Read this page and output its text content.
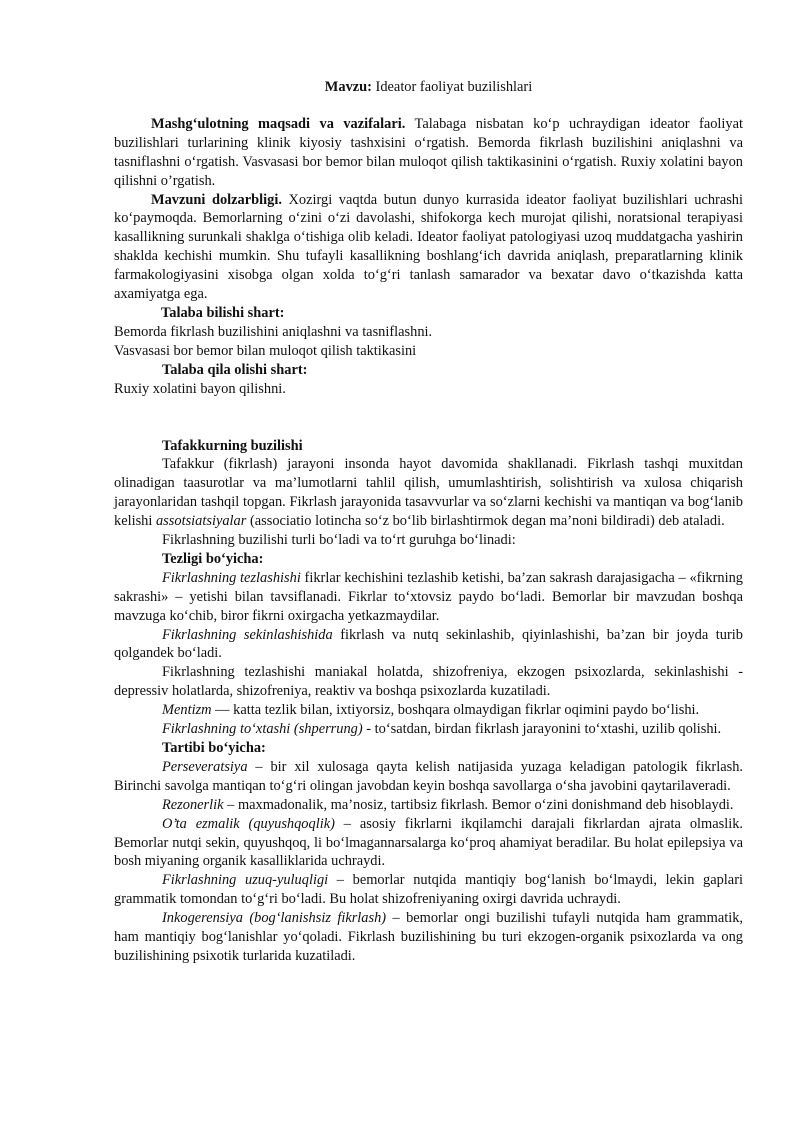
Mavzu: Ideator faoliyat buzilishlari

Mashg‘ulotning maqsadi va vazifalari. Talabaga nisbatan ko‘p uchraydigan ideator faoliyat buzilishlari turlarining klinik kiyosiy tashxisini o‘rgatish. Bemorda fikrlash buzilishini aniqlashni va tasniflashni o‘rgatish. Vasvasasi bor bemor bilan muloqot qilish taktikasinini o‘rgatish. Ruxiy xolatini bayon qilishni o’rgatish.

Mavzuni dolzarbligi. Xozirgi vaqtda butun dunyo kurrasida ideator faoliyat buzilishlari uchrashi ko‘paymoqda. Bemorlarning o‘zini o‘zi davolashi, shifokorga kech murojat qilishi, noratsional terapiyasi kasallikning surunkali shaklga o‘tishiga olib keladi. Ideator faoliyat patologiyasi uzoq muddatgacha yashirin shaklda kechishi mumkin. Shu tufayli kasallikning boshlang‘ich davrida aniqlash, preparatlarning klinik farmakologiyasini xisobga olgan xolda to‘g‘ri tanlash samarador va bexatar davo o‘tkazishda katta axamiyatga ega.

Talaba bilishi shart:

Bemorda fikrlash buzilishini aniqlashni va tasniflashni.

Vasvasasi bor bemor bilan muloqot qilish taktikasini

Talaba qila olishi shart:

Ruxiy xolatini bayon qilishni.

Tafakkurning buzilishi

Tafakkur (fikrlash) jarayoni insonda hayot davomida shakllanadi. Fikrlash tashqi muxitdan olinadigan taasurotlar va ma’lumotlarni tahlil qilish, umumlashtirish, solishtirish va xulosa chiqarish jarayonlaridan tashqil topgan. Fikrlash jarayonida tasavvurlar va so‘zlarni kechishi va mantiqan va bog‘lanib kelishi assotsiatsiyalar (associatio lotincha so‘z bo‘lib birlashtirmok degan ma’noni bildiradi) deb ataladi.

Fikrlashning buzilishi turli bo‘ladi va to‘rt guruhga bo‘linadi:

Tezligi bo‘yicha:

Fikrlashning tezlashishi fikrlar kechishini tezlashib ketishi, ba’zan sakrash darajasigacha – «fikrning sakrashi» – yetishi bilan tavsiflanadi. Fikrlar to‘xtovsiz paydo bo‘ladi. Bemorlar bir mavzudan boshqa mavzuga ko‘chib, biror fikrni oxirgacha yetkazmaydilar.

Fikrlashning sekinlashishida fikrlash va nutq sekinlashib, qiyinlashishi, ba’zan bir joyda turib qolgandek bo‘ladi.

Fikrlashning tezlashishi maniakal holatda, shizofreniya, ekzogen psixozlarda, sekinlashishi - depressiv holatlarda, shizofreniya, reaktiv va boshqa psixozlarda kuzatiladi.

Mentizm — katta tezlik bilan, ixtiyorsiz, boshqara olmaydigan fikrlar oqimini paydo bo‘lishi.

Fikrlashning to‘xtashi (shperrung) - to‘satdan, birdan fikrlash jarayonini to‘xtashi, uzilib qolishi.

Tartibi bo‘yicha:

Perseveratsiya – bir xil xulosaga qayta kelish natijasida yuzaga keladigan patologik fikrlash. Birinchi savolga mantiqan to‘g‘ri olingan javobdan keyin boshqa savollarga o‘sha javobini qaytarilaveradi.

Rezonerlik – maxmadonalik, ma’nosiz, tartibsiz fikrlash. Bemor o‘zini donishmand deb hisoblaydi.

O’ta ezmalik (quyushqoqlik) – asosiy fikrlarni ikqilamchi darajali fikrlardan ajrata olmaslik. Bemorlar nutqi sekin, quyushqoq, li bo‘lmagannarsalarga ko‘proq ahamiyat beradilar. Bu holat epilepsiya va bosh miyaning organik kasalliklarida uchraydi.

Fikrlashning uzuq-yuluqligi – bemorlar nutqida mantiqiy bog‘lanish bo‘lmaydi, lekin gaplari grammatik tomondan to‘g‘ri bo‘ladi. Bu holat shizofreniyaning oxirgi davrida uchraydi.

Inkogerensiya (bog‘lanishsiz fikrlash) – bemorlar ongi buzilishi tufayli nutqida ham grammatik, ham mantiqiy bog‘lanishlar yo‘qoladi. Fikrlash buzilishining bu turi ekzogen-organik psixozlarda va ong buzilishining psixotik turlarida kuzatiladi.
